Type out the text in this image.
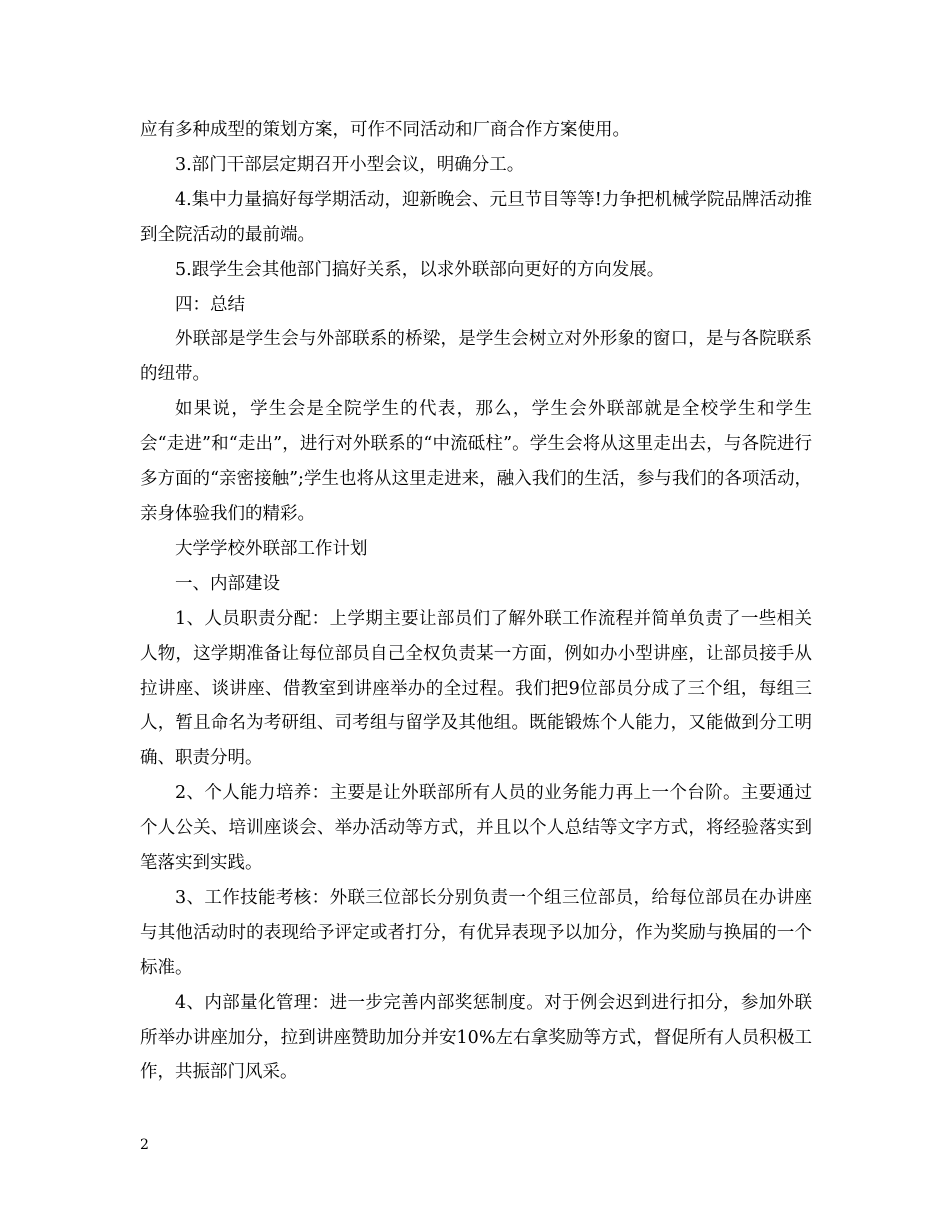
应有多种成型的策划方案，可作不同活动和厂商合作方案使用。

3.部门干部层定期召开小型会议，明确分工。

4.集中力量搞好每学期活动，迎新晚会、元旦节目等等!力争把机械学院品牌活动推到全院活动的最前端。

5.跟学生会其他部门搞好关系，以求外联部向更好的方向发展。

四：总结

外联部是学生会与外部联系的桥梁，是学生会树立对外形象的窗口，是与各院联系的纽带。

如果说，学生会是全院学生的代表，那么，学生会外联部就是全校学生和学生会“走进”和“走出”，进行对外联系的“中流砥柱”。学生会将从这里走出去，与各院进行多方面的“亲密接触”;学生也将从这里走进来，融入我们的生活，参与我们的各项活动，亲身体验我们的精彩。

大学学校外联部工作计划

一、内部建设

1、人员职责分配：上学期主要让部员们了解外联工作流程并简单负责了一些相关人物，这学期准备让每位部员自己全权负责某一方面，例如办小型讲座，让部员接手从拉讲座、谈讲座、借教室到讲座举办的全过程。我们把9位部员分成了三个组，每组三人，暂且命名为考研组、司考组与留学及其他组。既能锻炼个人能力，又能做到分工明确、职责分明。

2、个人能力培养：主要是让外联部所有人员的业务能力再上一个台阶。主要通过个人公关、培训座谈会、举办活动等方式，并且以个人总结等文字方式，将经验落实到笔落实到实践。

3、工作技能考核：外联三位部长分别负责一个组三位部员，给每位部员在办讲座与其他活动时的表现给予评定或者打分，有优异表现予以加分，作为奖励与换届的一个标准。

4、内部量化管理：进一步完善内部奖惩制度。对于例会迟到进行扣分，参加外联所举办讲座加分，拉到讲座赞助加分并安10%左右拿奖励等方式，督促所有人员积极工作，共振部门风采。

2
